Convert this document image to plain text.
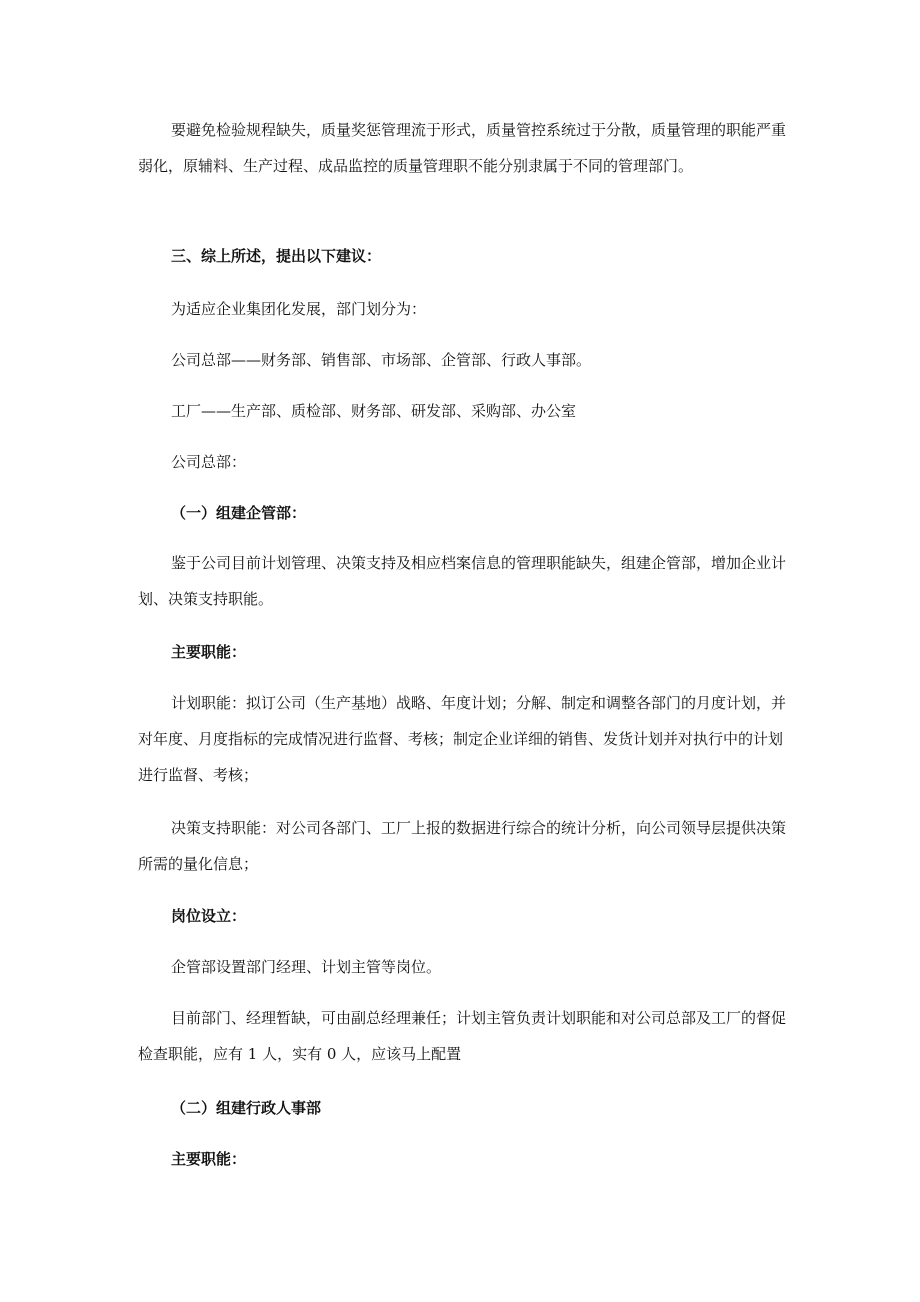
要避免检验规程缺失，质量奖惩管理流于形式，质量管控系统过于分散，质量管理的职能严重弱化，原辅料、生产过程、成品监控的质量管理职不能分别隶属于不同的管理部门。

三、综上所述，提出以下建议：

为适应企业集团化发展，部门划分为：

公司总部——财务部、销售部、市场部、企管部、行政人事部。

工厂——生产部、质检部、财务部、研发部、采购部、办公室

公司总部：

（一）组建企管部：

鉴于公司目前计划管理、决策支持及相应档案信息的管理职能缺失，组建企管部，增加企业计划、决策支持职能。

主要职能：

计划职能：拟订公司（生产基地）战略、年度计划；分解、制定和调整各部门的月度计划，并对年度、月度指标的完成情况进行监督、考核；制定企业详细的销售、发货计划并对执行中的计划进行监督、考核；

决策支持职能：对公司各部门、工厂上报的数据进行综合的统计分析，向公司领导层提供决策所需的量化信息；

岗位设立：

企管部设置部门经理、计划主管等岗位。

目前部门、经理暂缺，可由副总经理兼任；计划主管负责计划职能和对公司总部及工厂的督促检查职能，应有 1 人，实有 0 人，应该马上配置

（二）组建行政人事部

主要职能：
